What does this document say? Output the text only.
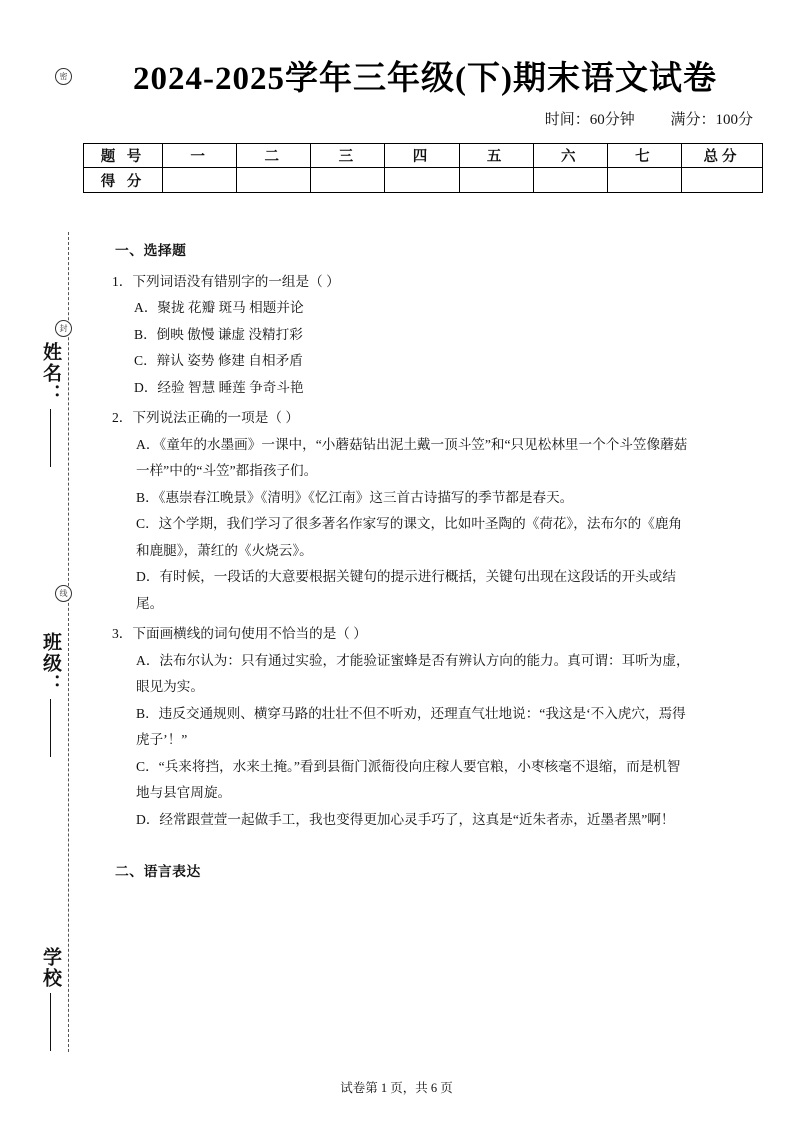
2024-2025学年三年级(下)期末语文试卷
时间：60分钟 满分：100分
题 号	一	二	三	四	五	六	七	总分
得 分								
姓名：
班级：
学校
密
封
线
一、选择题
1．下列词语没有错别字的一组是（ ）
A．聚拢 花瓣 斑马 相题并论
B．倒映 傲慢 谦虚 没精打彩
C．辩认 姿势 修建 自相矛盾
D．经验 智慧 睡莲 争奇斗艳
2．下列说法正确的一项是（ ）
A．《童年的水墨画》一课中，“小蘑菇钻出泥土戴一顶斗笠”和“只见松林里一个个斗笠像蘑菇一样”中的“斗笠”都指孩子们。
B．《惠崇春江晚景》《清明》《忆江南》这三首古诗描写的季节都是春天。
C．这个学期，我们学习了很多著名作家写的课文，比如叶圣陶的《荷花》，法布尔的《鹿角和鹿腿》，萧红的《火烧云》。
D．有时候，一段话的大意要根据关键句的提示进行概括，关键句出现在这段话的开头或结尾。
3．下面画横线的词句使用不恰当的是（ ）
A．法布尔认为：只有通过实验，才能验证蜜蜂是否有辨认方向的能力。真可谓：耳听为虚，眼见为实。
B．违反交通规则、横穿马路的壮壮不但不听劝，还理直气壮地说：“我这是‘不入虎穴，焉得虎子’！”
C．“兵来将挡，水来土掩。”看到县衙门派衙役向庄稼人要官粮，小枣核毫不退缩，而是机智地与县官周旋。
D．经常跟萱萱一起做手工，我也变得更加心灵手巧了，这真是“近朱者赤，近墨者黑”啊！
二、语言表达
试卷第 1 页，共 6 页
